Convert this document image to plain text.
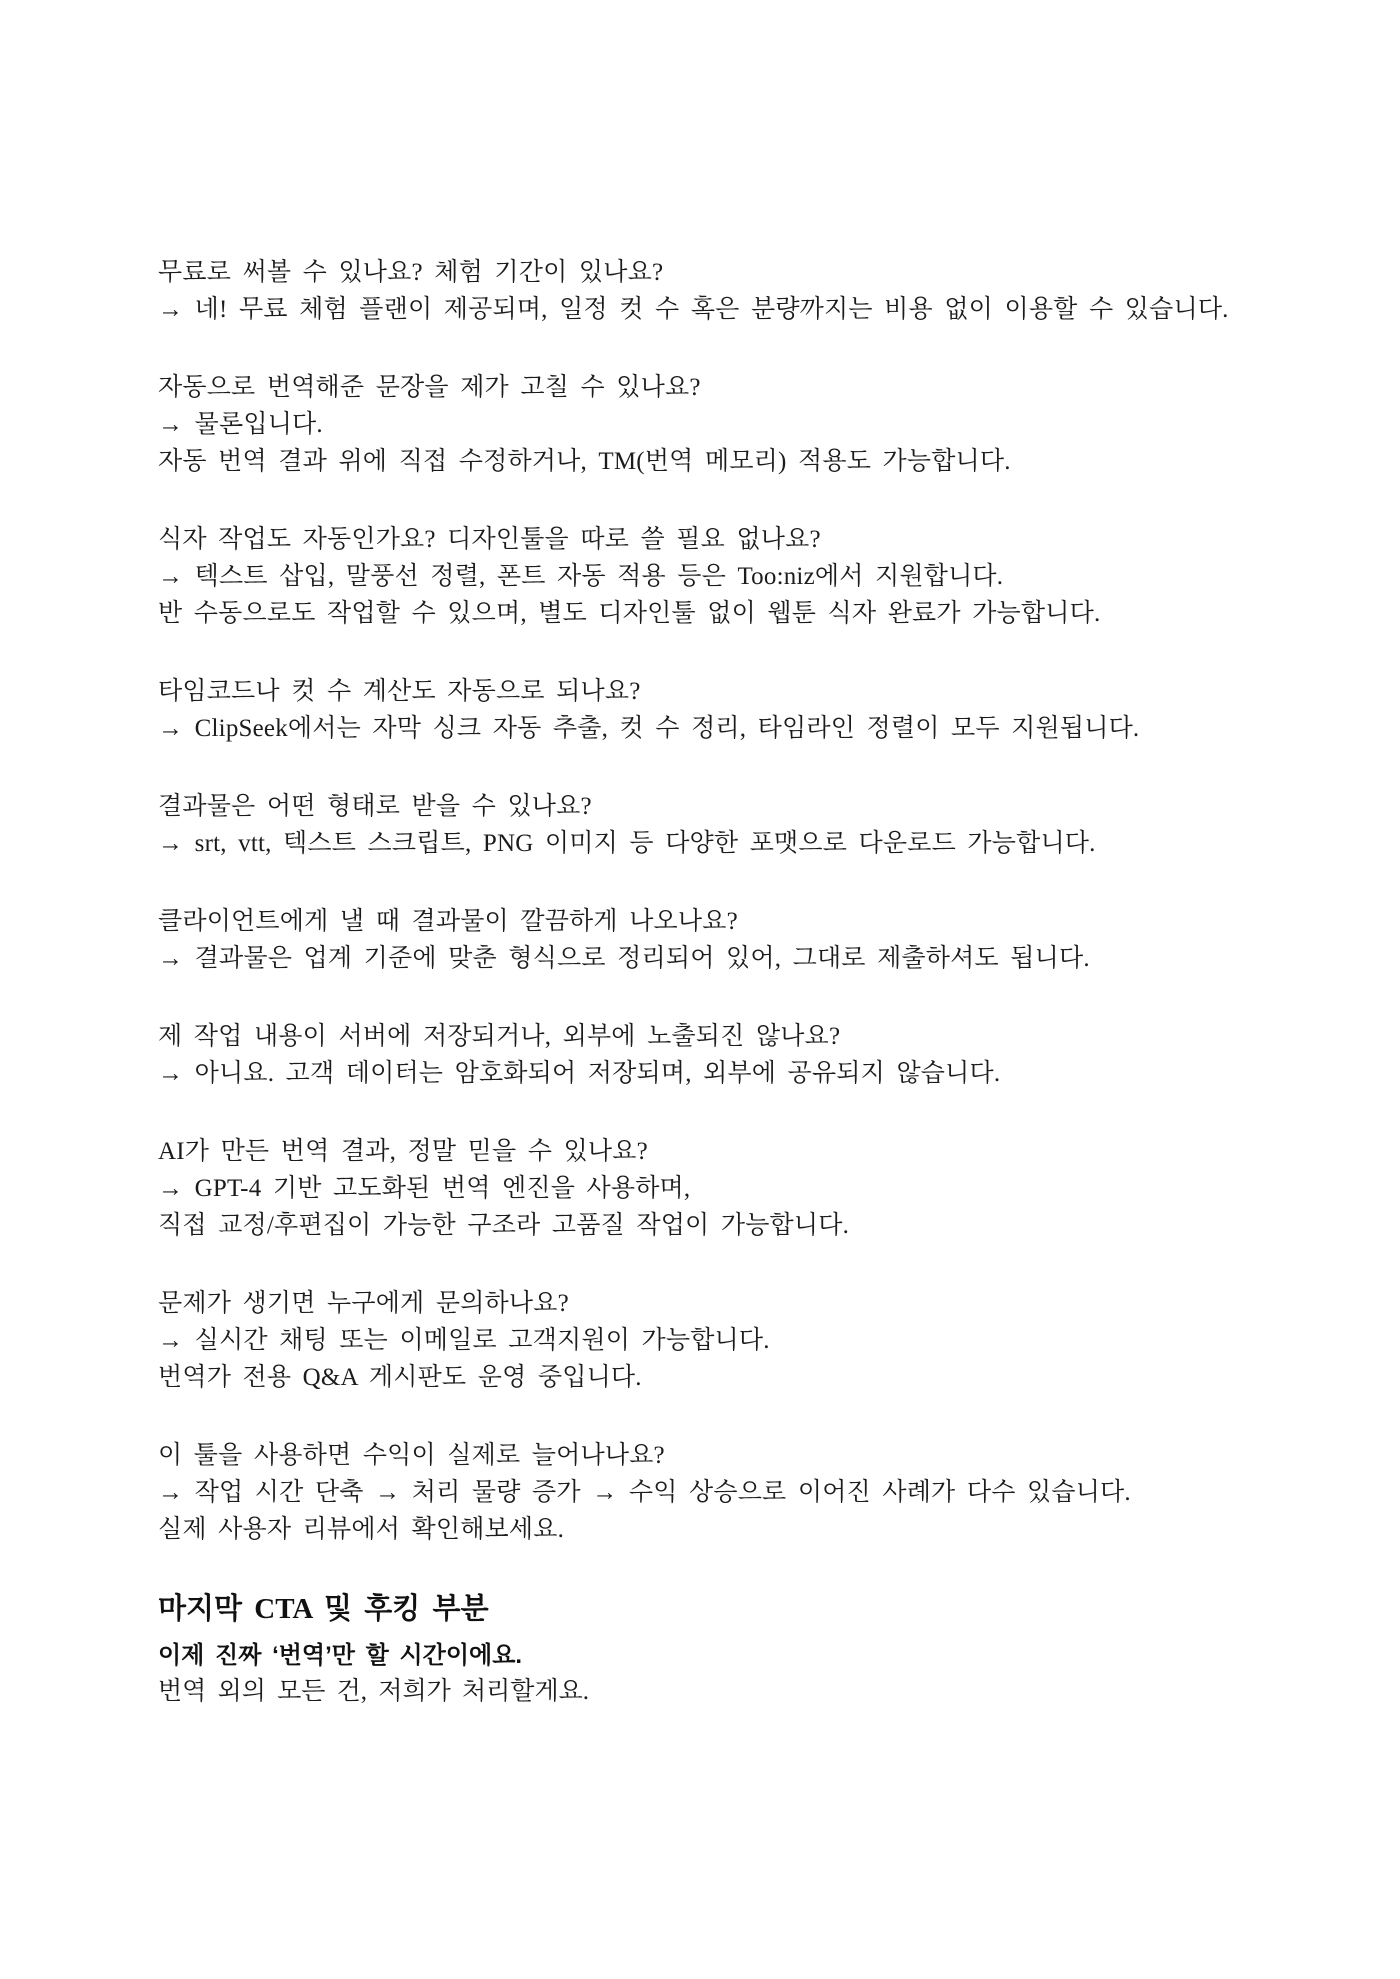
무료로 써볼 수 있나요? 체험 기간이 있나요?

→ 네! 무료 체험 플랜이 제공되며, 일정 컷 수 혹은 분량까지는 비용 없이 이용할 수 있습니다.

자동으로 번역해준 문장을 제가 고칠 수 있나요?

→ 물론입니다.

자동 번역 결과 위에 직접 수정하거나, TM(번역 메모리) 적용도 가능합니다.

식자 작업도 자동인가요? 디자인툴을 따로 쓸 필요 없나요?

→ 텍스트 삽입, 말풍선 정렬, 폰트 자동 적용 등은 Too:niz에서 지원합니다.

반 수동으로도 작업할 수 있으며, 별도 디자인툴 없이 웹툰 식자 완료가 가능합니다.

타임코드나 컷 수 계산도 자동으로 되나요?

→ ClipSeek에서는 자막 싱크 자동 추출, 컷 수 정리, 타임라인 정렬이 모두 지원됩니다.

결과물은 어떤 형태로 받을 수 있나요?

→ srt, vtt, 텍스트 스크립트, PNG 이미지 등 다양한 포맷으로 다운로드 가능합니다.

클라이언트에게 낼 때 결과물이 깔끔하게 나오나요?

→ 결과물은 업계 기준에 맞춘 형식으로 정리되어 있어, 그대로 제출하셔도 됩니다.

제 작업 내용이 서버에 저장되거나, 외부에 노출되진 않나요?

→ 아니요. 고객 데이터는 암호화되어 저장되며, 외부에 공유되지 않습니다.

AI가 만든 번역 결과, 정말 믿을 수 있나요?

→ GPT-4 기반 고도화된 번역 엔진을 사용하며,

직접 교정/후편집이 가능한 구조라 고품질 작업이 가능합니다.

문제가 생기면 누구에게 문의하나요?

→ 실시간 채팅 또는 이메일로 고객지원이 가능합니다.

번역가 전용 Q&A 게시판도 운영 중입니다.

이 툴을 사용하면 수익이 실제로 늘어나나요?

→ 작업 시간 단축 → 처리 물량 증가 → 수익 상승으로 이어진 사례가 다수 있습니다.

실제 사용자 리뷰에서 확인해보세요.

마지막 CTA 및 후킹 부분

이제 진짜 ‘번역’만 할 시간이에요.

번역 외의 모든 건, 저희가 처리할게요.
